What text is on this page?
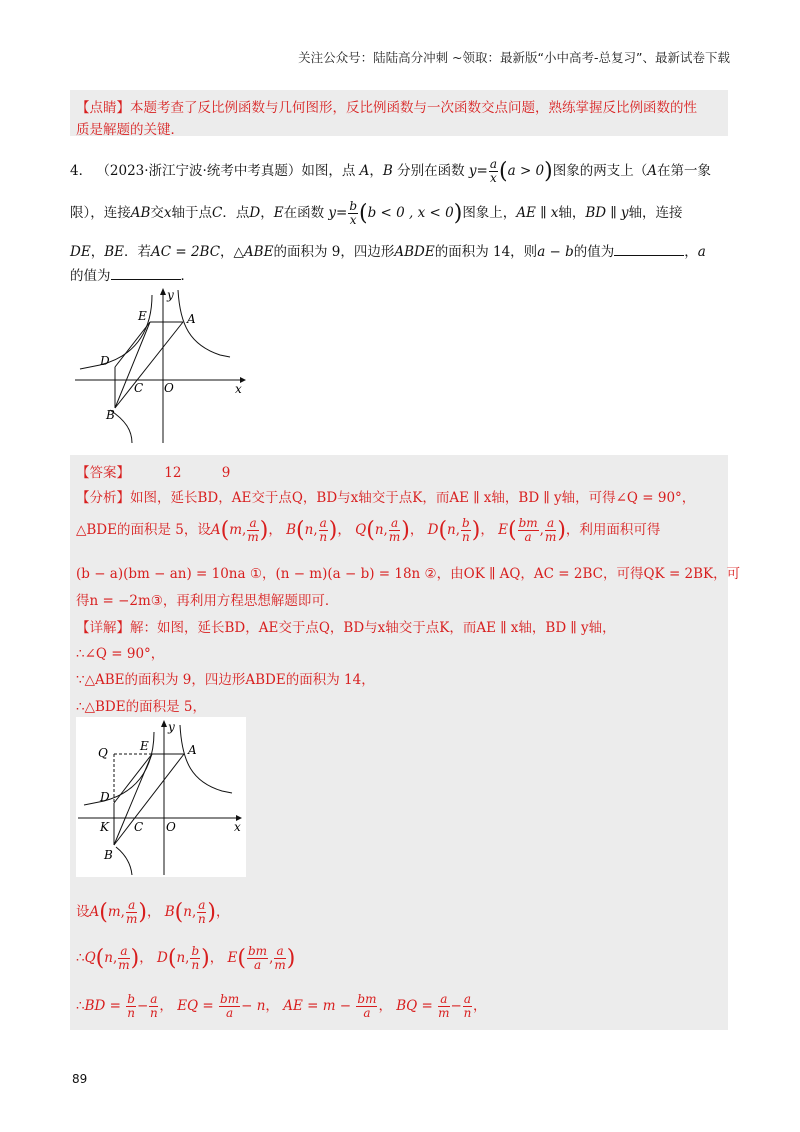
关注公众号：陆陆高分冲刺 ~领取：最新版“小中高考-总复习”、最新试卷下载
【点睛】本题考查了反比例函数与几何图形，反比例函数与一次函数交点问题，熟练掌握反比例函数的性
质是解题的关键．
4． （2023·浙江宁波·统考中考真题）如图，点 A，B 分别在函数 $y= \frac{a}{x} (a > 0)$图象的两支上（A在第一象
限），连接AB交x轴于点C．点D，E在函数 $y= \frac{b}{x} (b < 0$ , x < 0)图象上，AE ∥ x轴，BD ∥ y轴，连接
DE，BE．若AC = 2BC，△ABE的面积为 9，四边形ABDE的面积为 14，则a − b的值为	，a
的值为	．
y
x
E	A
D
C O
B
【答案】	12	9
【分析】如图，延长BD，AE交于点Q，BD与x轴交于点K，而AE ∥ x轴，BD ∥ y轴，可得∠Q = 90°，
△BDE的面积是 5，设A(m, $\frac{a}{m}$ )， B(n, $\frac{a}{n}$ )， Q(n, $\frac{a}{m}$ )， D(n, $\frac{b}{n}$ )， $E( \frac{bm}{a}$ , $\frac{a}{m}$ )，利用面积可得
(b − a)(bm − an) = 10na ①，(n − m)(a − b) = 18n ②，由OK ∥ AQ，AC = 2BC，可得QK = 2BK，可
得n = −2m③，再利用方程思想解题即可．
【详解】解：如图，延长BD，AE交于点Q，BD与x轴交于点K，而AE ∥ x轴，BD ∥ y轴，
∴∠Q = 90°，
∵△ABE的面积为 9，四边形ABDE的面积为 14，
∴△BDE的面积是 5，
y
x
Q	E	A
D
K C O
B
设A(m, $\frac{a}{m}$ )， B(n, $\frac{a}{n}$ )，
∴Q(n, $\frac{a}{m}$ )， D(n, $\frac{b}{n}$ )， $E( \frac{bm}{a}$ , $\frac{a}{m}$ )
∴BD = $\frac{b}{n} - \frac{a}{n}$ ， EQ = $\frac{bm}{a} - n$， AE = $m - \frac{bm}{a}$ ， BQ = $\frac{a}{m} - \frac{a}{n}$ ，
89
